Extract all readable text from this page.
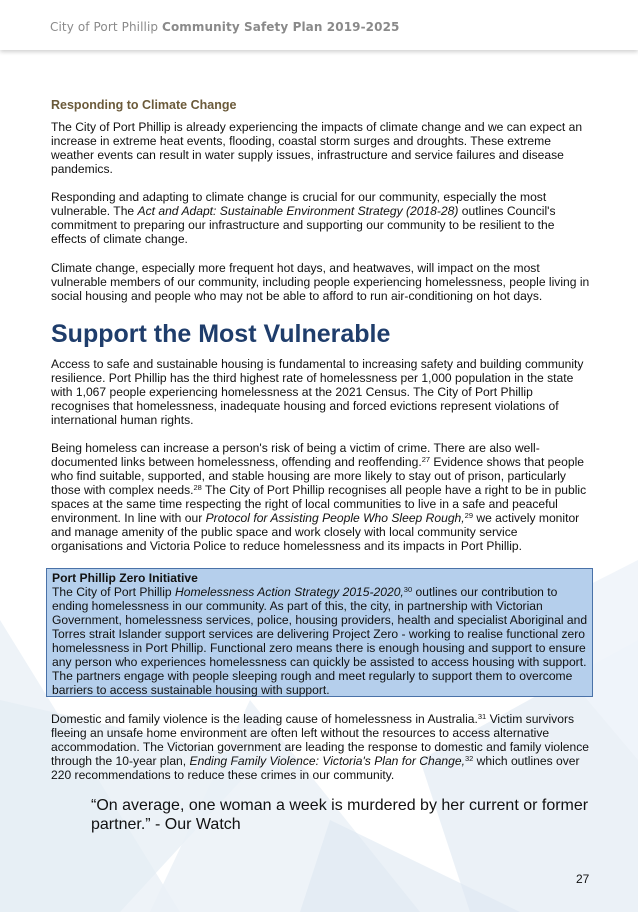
City of Port Phillip Community Safety Plan 2019-2025
Responding to Climate Change

The City of Port Phillip is already experiencing the impacts of climate change and we can expect an increase in extreme heat events, flooding, coastal storm surges and droughts. These extreme weather events can result in water supply issues, infrastructure and service failures and disease pandemics.

Responding and adapting to climate change is crucial for our community, especially the most vulnerable. The Act and Adapt: Sustainable Environment Strategy (2018-28) outlines Council's commitment to preparing our infrastructure and supporting our community to be resilient to the effects of climate change.

Climate change, especially more frequent hot days, and heatwaves, will impact on the most vulnerable members of our community, including people experiencing homelessness, people living in social housing and people who may not be able to afford to run air-conditioning on hot days.

Support the Most Vulnerable

Access to safe and sustainable housing is fundamental to increasing safety and building community resilience. Port Phillip has the third highest rate of homelessness per 1,000 population in the state with 1,067 people experiencing homelessness at the 2021 Census. The City of Port Phillip recognises that homelessness, inadequate housing and forced evictions represent violations of international human rights.

Being homeless can increase a person's risk of being a victim of crime. There are also well-documented links between homelessness, offending and reoffending.$^{27}$ Evidence shows that people who find suitable, supported, and stable housing are more likely to stay out of prison, particularly those with complex needs.$^{28}$ The City of Port Phillip recognises all people have a right to be in public spaces at the same time respecting the right of local communities to live in a safe and peaceful environment. In line with our Protocol for Assisting People Who Sleep Rough,$^{29}$ we actively monitor and manage amenity of the public space and work closely with local community service organisations and Victoria Police to reduce homelessness and its impacts in Port Phillip.

Domestic and family violence is the leading cause of homelessness in Australia.$^{31}$ Victim survivors fleeing an unsafe home environment are often left without the resources to access alternative accommodation. The Victorian government are leading the response to domestic and family violence through the 10-year plan, Ending Family Violence: Victoria's Plan for Change,$^{32}$ which outlines over 220 recommendations to reduce these crimes in our community.

Port Phillip Zero Initiative

The City of Port Phillip Homelessness Action Strategy 2015-2020,30 outlines our contribution to ending homelessness in our community. As part of this, the city, in partnership with Victorian Government, homelessness services, police, housing providers, health and specialist Aboriginal and Torres strait Islander support services are delivering Project Zero - working to realise functional zero homelessness in Port Phillip. Functional zero means there is enough housing and support to ensure any person who experiences homelessness can quickly be assisted to access housing with support. The partners engage with people sleeping rough and meet regularly to support them to overcome barriers to access sustainable housing with support.

“On average, one woman a week is murdered by her current or former partner.” - Our Watch

27
